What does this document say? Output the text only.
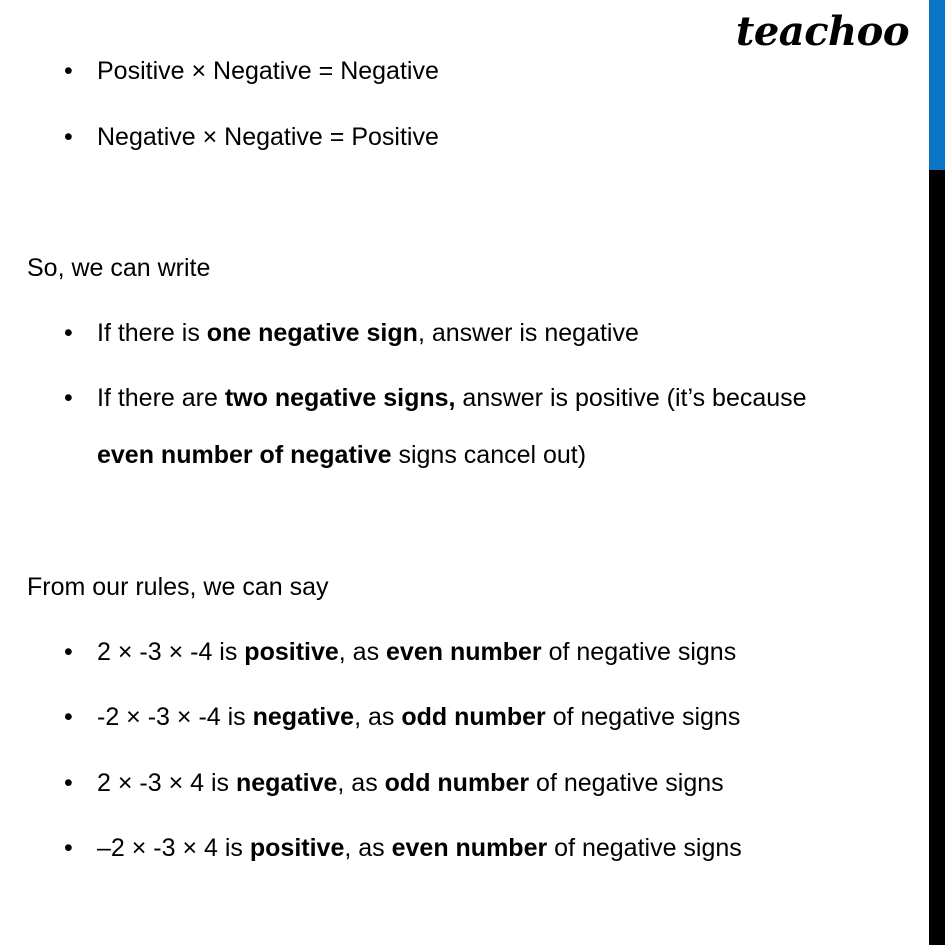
• Positive × Negative = Negative
• Negative × Negative = Positive
So, we can write
• If there is one negative sign, answer is negative
• If there are two negative signs, answer is positive (it’s because even number of negative signs cancel out)
From our rules, we can say
• 2 × -3 × -4 is positive, as even number of negative signs
• -2 × -3 × -4 is negative, as odd number of negative signs
• 2 × -3 × 4 is negative, as odd number of negative signs
• –2 × -3 × 4 is positive, as even number of negative signs
teachoo
